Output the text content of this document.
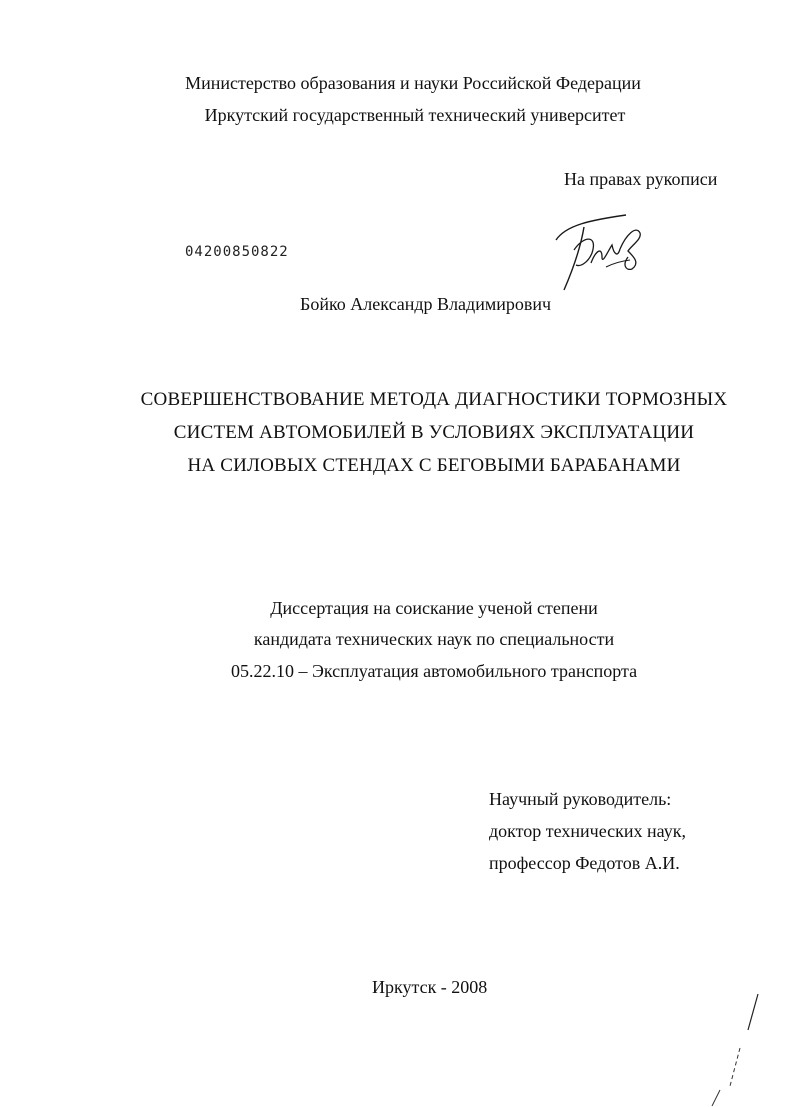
Министерство образования и науки Российской Федерации
Иркутский государственный технический университет
На правах рукописи
04200850822
Бойко Александр Владимирович
СОВЕРШЕНСТВОВАНИЕ МЕТОДА ДИАГНОСТИКИ ТОРМОЗНЫХ
СИСТЕМ АВТОМОБИЛЕЙ В УСЛОВИЯХ ЭКСПЛУАТАЦИИ
НА СИЛОВЫХ СТЕНДАХ С БЕГОВЫМИ БАРАБАНАМИ
Диссертация на соискание ученой степени
кандидата технических наук по специальности
05.22.10 – Эксплуатация автомобильного транспорта
Научный руководитель:
доктор технических наук,
профессор Федотов А.И.
Иркутск - 2008
